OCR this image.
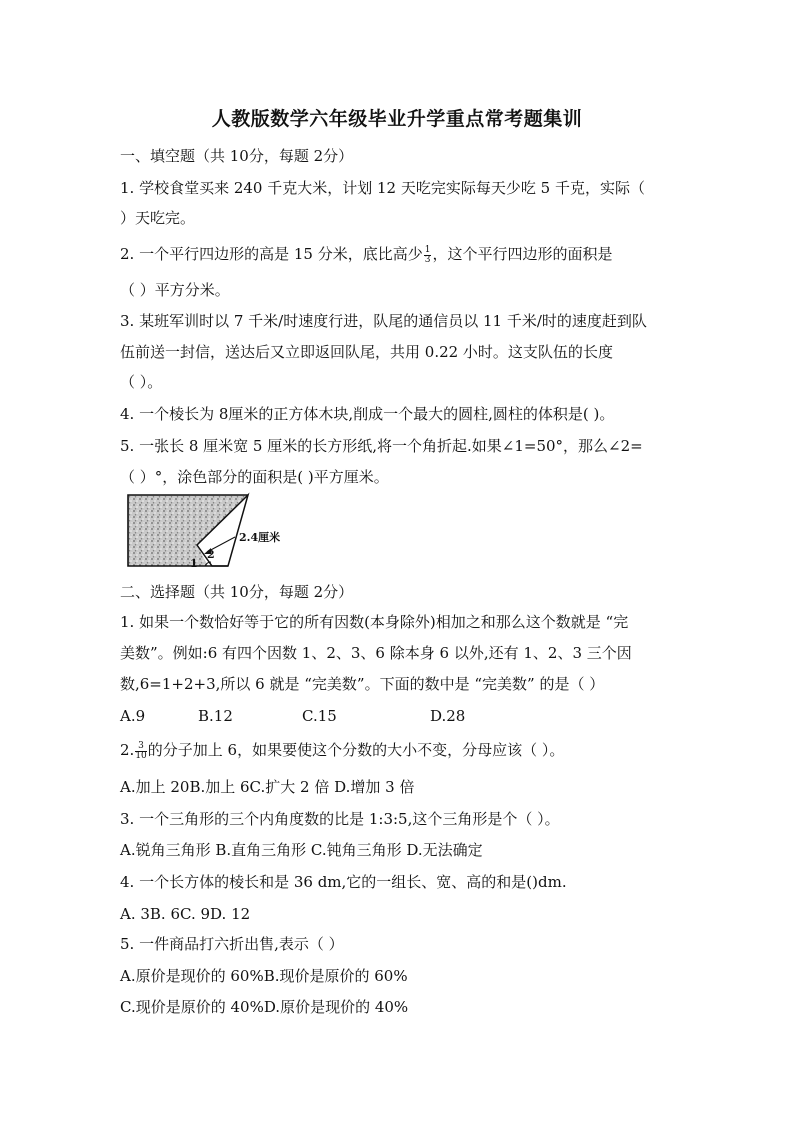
人教版数学六年级毕业升学重点常考题集训
一、填空题（共 10分，每题 2分）
1. 学校食堂买来 240 千克大米，计划 12 天吃完实际每天少吃 5 千克，实际（
）天吃完。
2. 一个平行四边形的高是 15 分米，底比高少 $\frac{1}{3}$ ，这个平行四边形的面积是
（ ）平方分米。
3. 某班军训时以 7 千米/时速度行进，队尾的通信员以 11 千米/时的速度赶到队
伍前送一封信，送达后又立即返回队尾，共用 0.22 小时。这支队伍的长度
（ ）。
4. 一个棱长为 8厘米的正方体木块,削成一个最大的圆柱,圆柱的体积是( )。
5. 一张长 8 厘米宽 5 厘米的长方形纸,将一个角折起.如果∠1=50°，那么∠2=
（ ）°，涂色部分的面积是( )平方厘米。
2.4厘米
2
1
二、选择题（共 10分，每题 2分）
1. 如果一个数恰好等于它的所有因数(本身除外)相加之和那么这个数就是 “完
美数”。例如:6 有四个因数 1、2、3、6 除本身 6 以外,还有 1、2、3 三个因
数,6=1+2+3,所以 6 就是 “完美数”。下面的数中是 “完美数” 的是（ ）
A.9	B.12	C.15	D.28
2. $\frac{3}{10}$ 的分子加上 6，如果要使这个分数的大小不变，分母应该（ ）。
A.加上 20B.加上 6C.扩大 2 倍 D.增加 3 倍
3. 一个三角形的三个内角度数的比是 1:3:5,这个三角形是个（ ）。
A.锐角三角形 B.直角三角形 C.钝角三角形 D.无法确定
4. 一个长方体的棱长和是 36 dm,它的一组长、宽、高的和是()dm.
A. 3B. 6C. 9D. 12
5. 一件商品打六折出售,表示（ ）
A.原价是现价的 60%B.现价是原价的 60%
C.现价是原价的 40%D.原价是现价的 40%
